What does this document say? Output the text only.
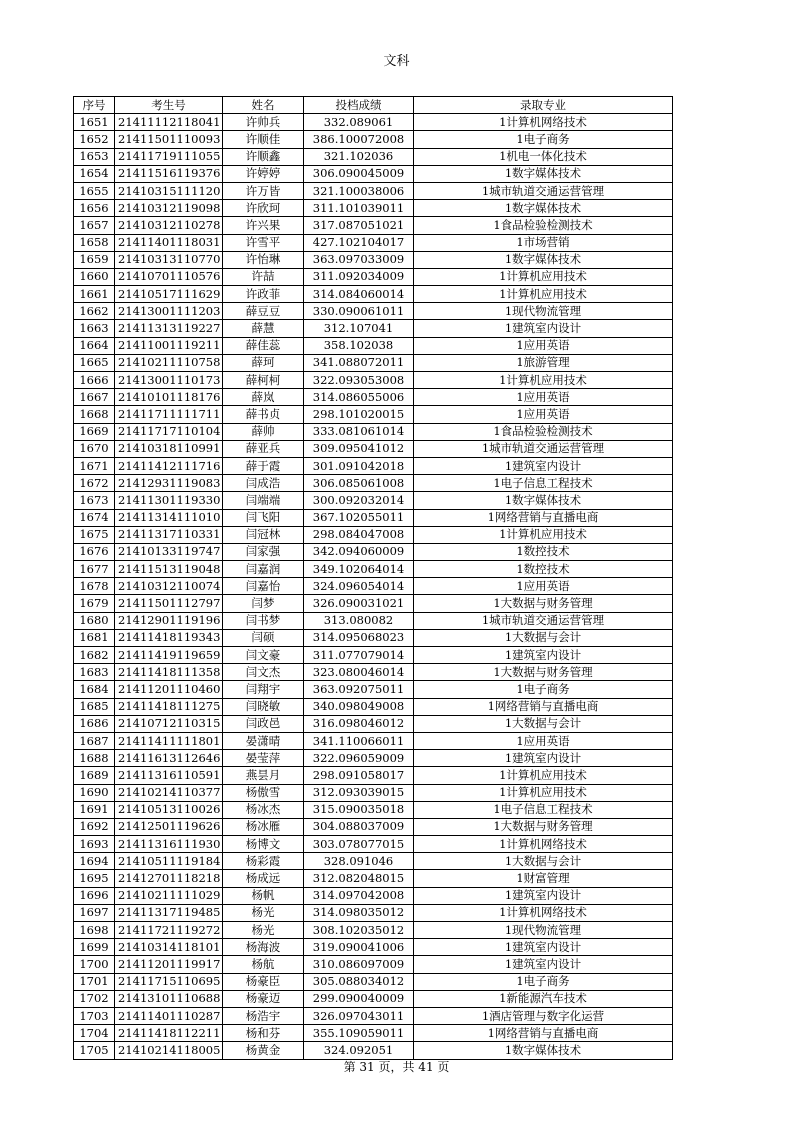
文科
序号	考生号	姓名	投档成绩	录取专业
1651	21411112118041	许帅兵	332.089061	1计算机网络技术
1652	21411501110093	许顺佳	386.100072008	1电子商务
1653	21411719111055	许顺鑫	321.102036	1机电一体化技术
1654	21411516119376	许婷婷	306.090045009	1数字媒体技术
1655	21410315111120	许万皆	321.100038006	1城市轨道交通运营管理
1656	21410312119098	许欣珂	311.101039011	1数字媒体技术
1657	21410312110278	许兴果	317.087051021	1食品检验检测技术
1658	21411401118031	许雪平	427.102104017	1市场营销
1659	21410313110770	许怡琳	363.097033009	1数字媒体技术
1660	21410701110576	许喆	311.092034009	1计算机应用技术
1661	21410517111629	许政菲	314.084060014	1计算机应用技术
1662	21413001111203	薛豆豆	330.090061011	1现代物流管理
1663	21411313119227	薛慧	312.107041	1建筑室内设计
1664	21411001119211	薛佳蕊	358.102038	1应用英语
1665	21410211110758	薛珂	341.088072011	1旅游管理
1666	21413001110173	薛柯柯	322.093053008	1计算机应用技术
1667	21410101118176	薛岚	314.086055006	1应用英语
1668	21411711111711	薛书贞	298.101020015	1应用英语
1669	21411717110104	薛帅	333.081061014	1食品检验检测技术
1670	21410318110991	薛亚兵	309.095041012	1城市轨道交通运营管理
1671	21411412111716	薛于霞	301.091042018	1建筑室内设计
1672	21412931119083	闫成浩	306.085061008	1电子信息工程技术
1673	21411301119330	闫端端	300.092032014	1数字媒体技术
1674	21411314111010	闫飞阳	367.102055011	1网络营销与直播电商
1675	21411317110331	闫冠林	298.084047008	1计算机应用技术
1676	21410133119747	闫家强	342.094060009	1数控技术
1677	21411513119048	闫嘉润	349.102064014	1数控技术
1678	21410312110074	闫嘉怡	324.096054014	1应用英语
1679	21411501112797	闫梦	326.090031021	1大数据与财务管理
1680	21412901119196	闫书梦	313.080082	1城市轨道交通运营管理
1681	21411418119343	闫硕	314.095068023	1大数据与会计
1682	21411419119659	闫文豪	311.077079014	1建筑室内设计
1683	21411418111358	闫文杰	323.080046014	1大数据与财务管理
1684	21411201110460	闫翔宇	363.092075011	1电子商务
1685	21411418111275	闫晓敏	340.098049008	1网络营销与直播电商
1686	21410712110315	闫政邑	316.098046012	1大数据与会计
1687	21411411111801	晏潇晴	341.110066011	1应用英语
1688	21411613112646	晏莹萍	322.096059009	1建筑室内设计
1689	21411316110591	燕昙月	298.091058017	1计算机应用技术
1690	21410214110377	杨傲雪	312.093039015	1计算机应用技术
1691	21410513110026	杨冰杰	315.090035018	1电子信息工程技术
1692	21412501119626	杨冰雁	304.088037009	1大数据与财务管理
1693	21411316111930	杨博文	303.078077015	1计算机网络技术
1694	21410511119184	杨彩霞	328.091046	1大数据与会计
1695	21412701118218	杨成远	312.082048015	1财富管理
1696	21410211111029	杨帆	314.097042008	1建筑室内设计
1697	21411317119485	杨光	314.098035012	1计算机网络技术
1698	21411721119272	杨光	308.102035012	1现代物流管理
1699	21410314118101	杨海波	319.090041006	1建筑室内设计
1700	21411201119917	杨航	310.086097009	1建筑室内设计
1701	21411715110695	杨豪臣	305.088034012	1电子商务
1702	21413101110688	杨豪迈	299.090040009	1新能源汽车技术
1703	21411401110287	杨浩宇	326.097043011	1酒店管理与数字化运营
1704	21411418112211	杨和芬	355.109059011	1网络营销与直播电商
1705	21410214118005	杨黄金	324.092051	1数字媒体技术
第 31 页，共 41 页
